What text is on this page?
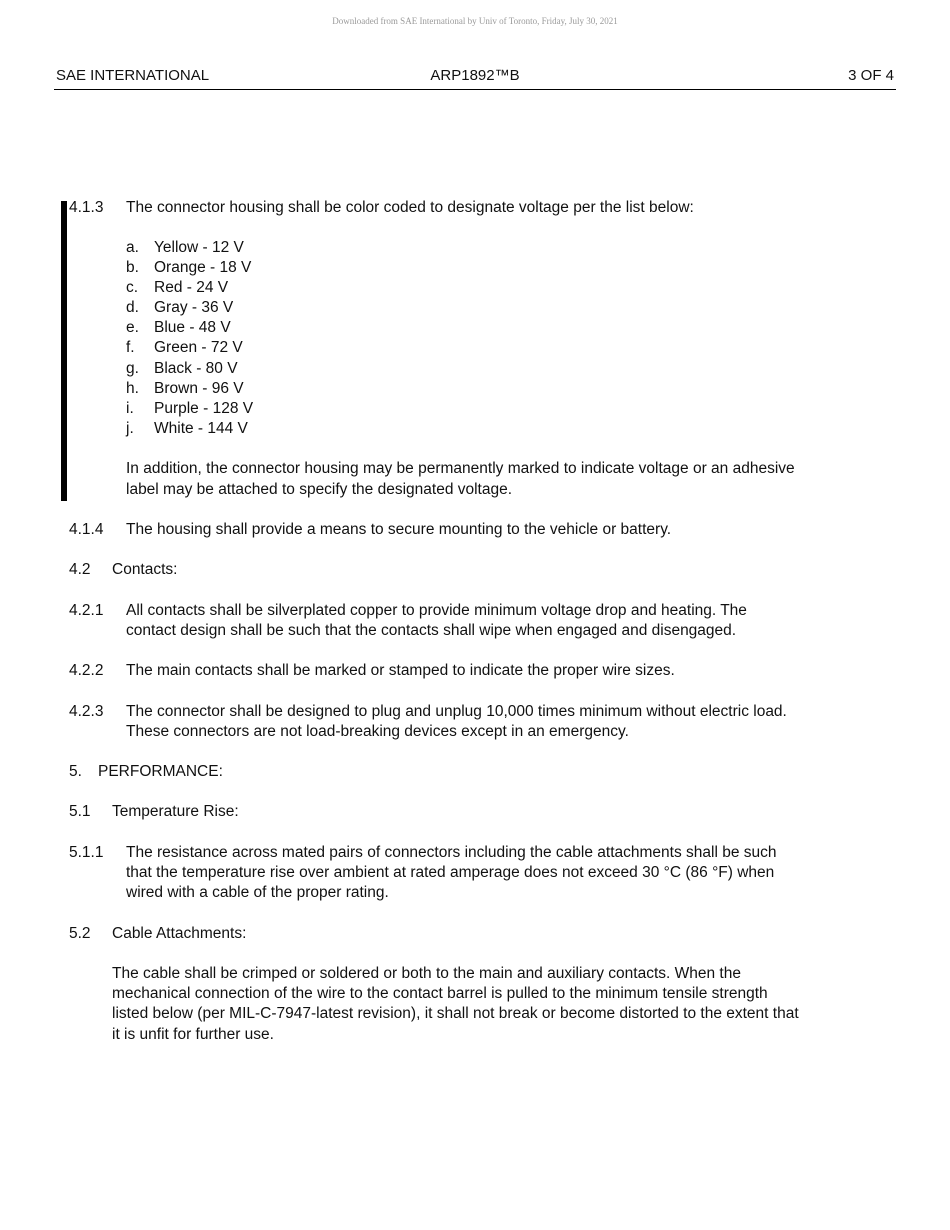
Downloaded from SAE International by Univ of Toronto, Friday, July 30, 2021
SAE INTERNATIONAL	ARP1892™B	3 OF 4
4.1.3 The connector housing shall be color coded to designate voltage per the list below:
a. Yellow - 12 V
b. Orange - 18 V
c. Red - 24 V
d. Gray - 36 V
e. Blue - 48 V
f. Green - 72 V
g. Black - 80 V
h. Brown - 96 V
i. Purple - 128 V
j. White - 144 V
In addition, the connector housing may be permanently marked to indicate voltage or an adhesive
label may be attached to specify the designated voltage.
4.1.4 The housing shall provide a means to secure mounting to the vehicle or battery.
4.2 Contacts:
4.2.1 All contacts shall be silverplated copper to provide minimum voltage drop and heating. The
contact design shall be such that the contacts shall wipe when engaged and disengaged.
4.2.2 The main contacts shall be marked or stamped to indicate the proper wire sizes.
4.2.3 The connector shall be designed to plug and unplug 10,000 times minimum without electric load.
These connectors are not load-breaking devices except in an emergency.
5. PERFORMANCE:
5.1 Temperature Rise:
5.1.1 The resistance across mated pairs of connectors including the cable attachments shall be such
that the temperature rise over ambient at rated amperage does not exceed 30 °C (86 °F) when
wired with a cable of the proper rating.
5.2 Cable Attachments:
The cable shall be crimped or soldered or both to the main and auxiliary contacts. When the
mechanical connection of the wire to the contact barrel is pulled to the minimum tensile strength
listed below (per MIL-C-7947-latest revision), it shall not break or become distorted to the extent that
it is unfit for further use.
